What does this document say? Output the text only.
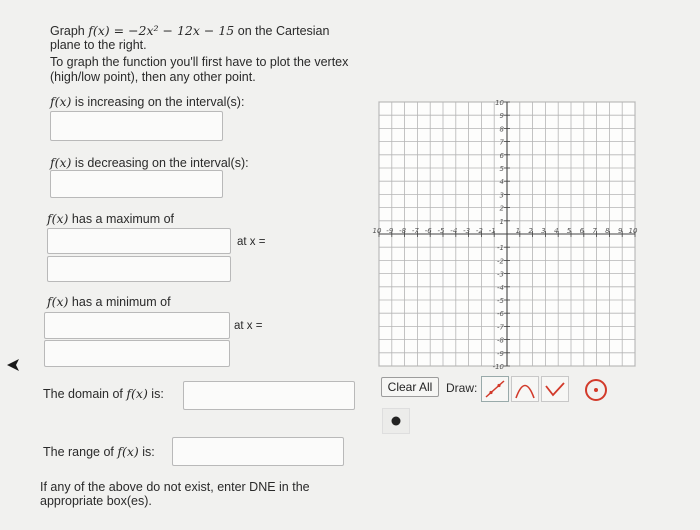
Graph f(x) = −2x² − 12x − 15 on the Cartesian
plane to the right.
To graph the function you'll first have to plot the vertex
(high/low point), then any other point.
f(x) is increasing on the interval(s):
f(x) is decreasing on the interval(s):
f(x) has a maximum of
at x =
f(x) has a minimum of
at x =
The domain of f(x) is:
The range of f(x) is:
If any of the above do not exist, enter DNE in the
appropriate box(es).
10 -9 -8 -7 -6 -5 -4 -3 -2 -1	1 2 3 4 5 6 7 8 9 10
10
9
8
7
6
5
4
3
2
1
-1
-2
-3
-4
-5
-6
-7
-8
-9
-10
Clear All	Draw:
